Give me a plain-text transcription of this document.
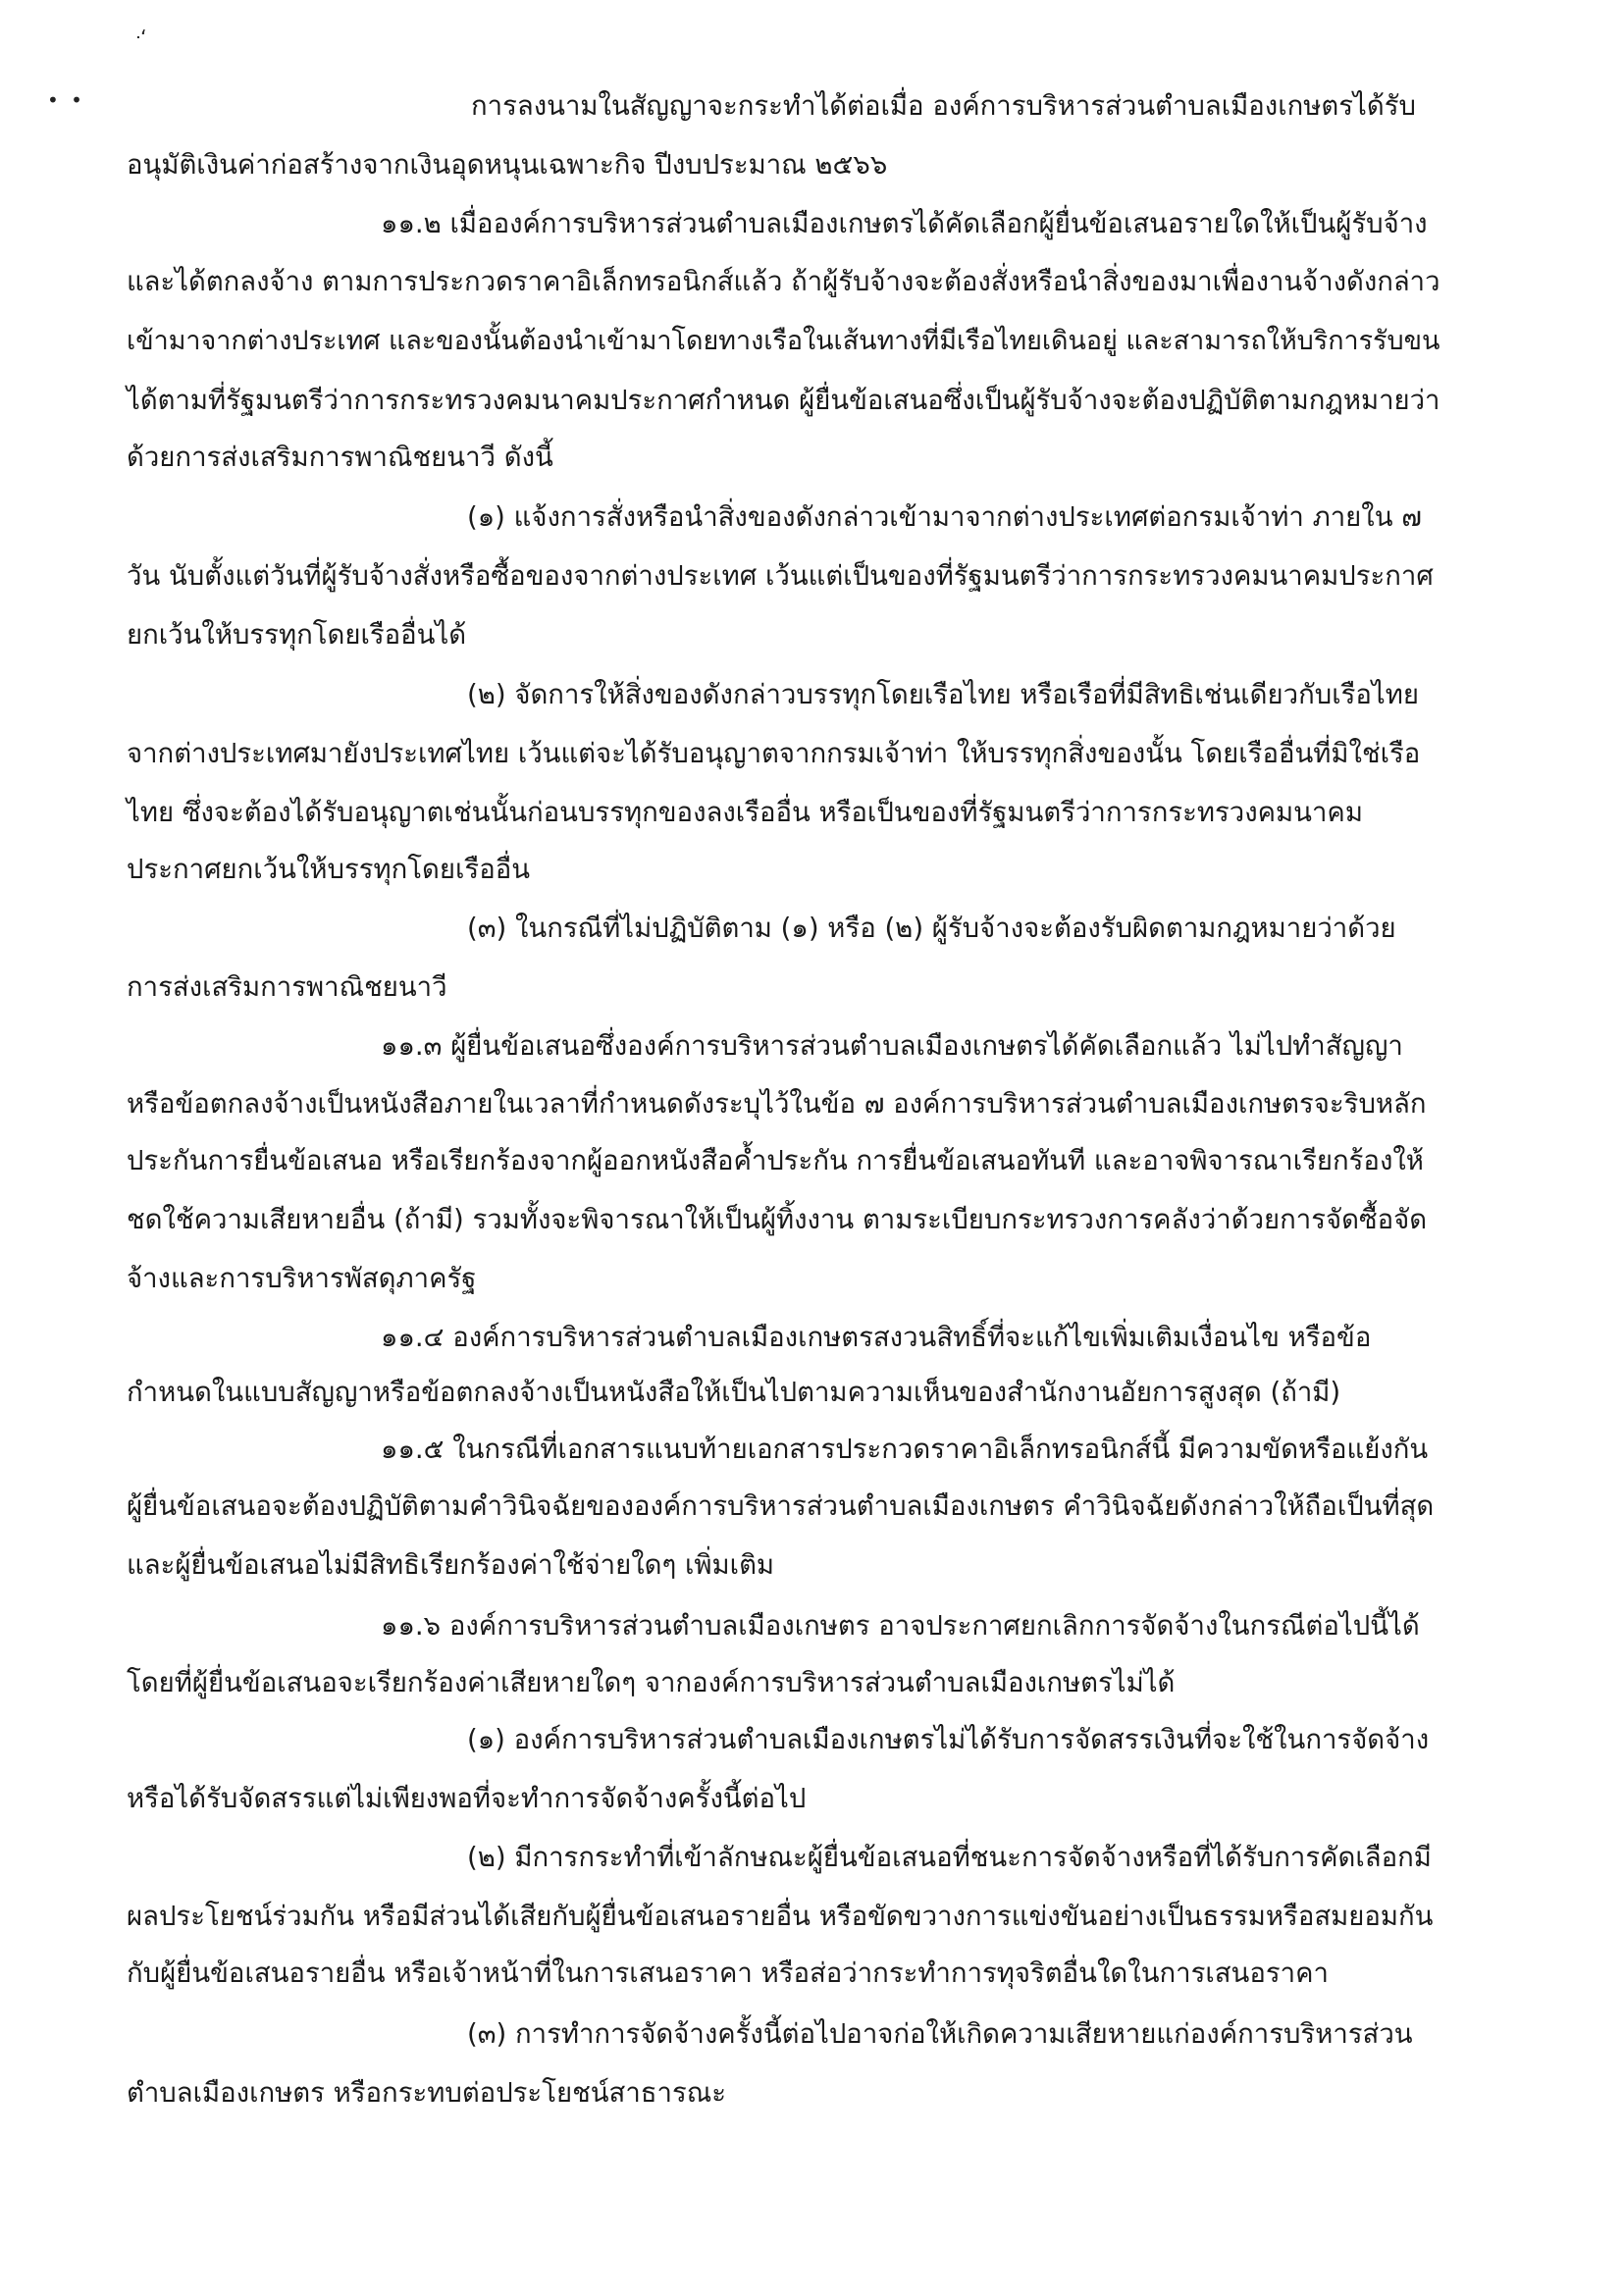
ᐧ‘
• •	การลงนามในสัญญาจะกระทำได้ต่อเมื่อ องค์การบริหารส่วนตำบลเมืองเกษตรได้รับ
อนุมัติเงินค่าก่อสร้างจากเงินอุดหนุนเฉพาะกิจ ปีงบประมาณ ๒๕๖๖
๑๑.๒ เมื่อองค์การบริหารส่วนตำบลเมืองเกษตรได้คัดเลือกผู้ยื่นข้อเสนอรายใดให้เป็นผู้รับจ้าง
และได้ตกลงจ้าง ตามการประกวดราคาอิเล็กทรอนิกส์แล้ว ถ้าผู้รับจ้างจะต้องสั่งหรือนำสิ่งของมาเพื่องานจ้างดังกล่าว
เข้ามาจากต่างประเทศ และของนั้นต้องนำเข้ามาโดยทางเรือในเส้นทางที่มีเรือไทยเดินอยู่ และสามารถให้บริการรับขน
ได้ตามที่รัฐมนตรีว่าการกระทรวงคมนาคมประกาศกำหนด ผู้ยื่นข้อเสนอซึ่งเป็นผู้รับจ้างจะต้องปฏิบัติตามกฎหมายว่า
ด้วยการส่งเสริมการพาณิชยนาวี ดังนี้
(๑) แจ้งการสั่งหรือนำสิ่งของดังกล่าวเข้ามาจากต่างประเทศต่อกรมเจ้าท่า ภายใน ๗
วัน นับตั้งแต่วันที่ผู้รับจ้างสั่งหรือซื้อของจากต่างประเทศ เว้นแต่เป็นของที่รัฐมนตรีว่าการกระทรวงคมนาคมประกาศ
ยกเว้นให้บรรทุกโดยเรืออื่นได้
(๒) จัดการให้สิ่งของดังกล่าวบรรทุกโดยเรือไทย หรือเรือที่มีสิทธิเช่นเดียวกับเรือไทย
จากต่างประเทศมายังประเทศไทย เว้นแต่จะได้รับอนุญาตจากกรมเจ้าท่า ให้บรรทุกสิ่งของนั้น โดยเรืออื่นที่มิใช่เรือ
ไทย ซึ่งจะต้องได้รับอนุญาตเช่นนั้นก่อนบรรทุกของลงเรืออื่น หรือเป็นของที่รัฐมนตรีว่าการกระทรวงคมนาคม
ประกาศยกเว้นให้บรรทุกโดยเรืออื่น
(๓) ในกรณีที่ไม่ปฏิบัติตาม (๑) หรือ (๒) ผู้รับจ้างจะต้องรับผิดตามกฎหมายว่าด้วย
การส่งเสริมการพาณิชยนาวี
๑๑.๓ ผู้ยื่นข้อเสนอซึ่งองค์การบริหารส่วนตำบลเมืองเกษตรได้คัดเลือกแล้ว ไม่ไปทำสัญญา
หรือข้อตกลงจ้างเป็นหนังสือภายในเวลาที่กำหนดดังระบุไว้ในข้อ ๗ องค์การบริหารส่วนตำบลเมืองเกษตรจะริบหลัก
ประกันการยื่นข้อเสนอ หรือเรียกร้องจากผู้ออกหนังสือค้ำประกัน การยื่นข้อเสนอทันที และอาจพิจารณาเรียกร้องให้
ชดใช้ความเสียหายอื่น (ถ้ามี) รวมทั้งจะพิจารณาให้เป็นผู้ทิ้งงาน ตามระเบียบกระทรวงการคลังว่าด้วยการจัดซื้อจัด
จ้างและการบริหารพัสดุภาครัฐ
๑๑.๔ องค์การบริหารส่วนตำบลเมืองเกษตรสงวนสิทธิ์ที่จะแก้ไขเพิ่มเติมเงื่อนไข หรือข้อ
กำหนดในแบบสัญญาหรือข้อตกลงจ้างเป็นหนังสือให้เป็นไปตามความเห็นของสำนักงานอัยการสูงสุด (ถ้ามี)
๑๑.๕ ในกรณีที่เอกสารแนบท้ายเอกสารประกวดราคาอิเล็กทรอนิกส์นี้ มีความขัดหรือแย้งกัน
ผู้ยื่นข้อเสนอจะต้องปฏิบัติตามคำวินิจฉัยขององค์การบริหารส่วนตำบลเมืองเกษตร คำวินิจฉัยดังกล่าวให้ถือเป็นที่สุด
และผู้ยื่นข้อเสนอไม่มีสิทธิเรียกร้องค่าใช้จ่ายใดๆ เพิ่มเติม
๑๑.๖ องค์การบริหารส่วนตำบลเมืองเกษตร อาจประกาศยกเลิกการจัดจ้างในกรณีต่อไปนี้ได้
โดยที่ผู้ยื่นข้อเสนอจะเรียกร้องค่าเสียหายใดๆ จากองค์การบริหารส่วนตำบลเมืองเกษตรไม่ได้
(๑) องค์การบริหารส่วนตำบลเมืองเกษตรไม่ได้รับการจัดสรรเงินที่จะใช้ในการจัดจ้าง
หรือได้รับจัดสรรแต่ไม่เพียงพอที่จะทำการจัดจ้างครั้งนี้ต่อไป
(๒) มีการกระทำที่เข้าลักษณะผู้ยื่นข้อเสนอที่ชนะการจัดจ้างหรือที่ได้รับการคัดเลือกมี
ผลประโยชน์ร่วมกัน หรือมีส่วนได้เสียกับผู้ยื่นข้อเสนอรายอื่น หรือขัดขวางการแข่งขันอย่างเป็นธรรมหรือสมยอมกัน
กับผู้ยื่นข้อเสนอรายอื่น หรือเจ้าหน้าที่ในการเสนอราคา หรือส่อว่ากระทำการทุจริตอื่นใดในการเสนอราคา
(๓) การทำการจัดจ้างครั้งนี้ต่อไปอาจก่อให้เกิดความเสียหายแก่องค์การบริหารส่วน
ตำบลเมืองเกษตร หรือกระทบต่อประโยชน์สาธารณะ
